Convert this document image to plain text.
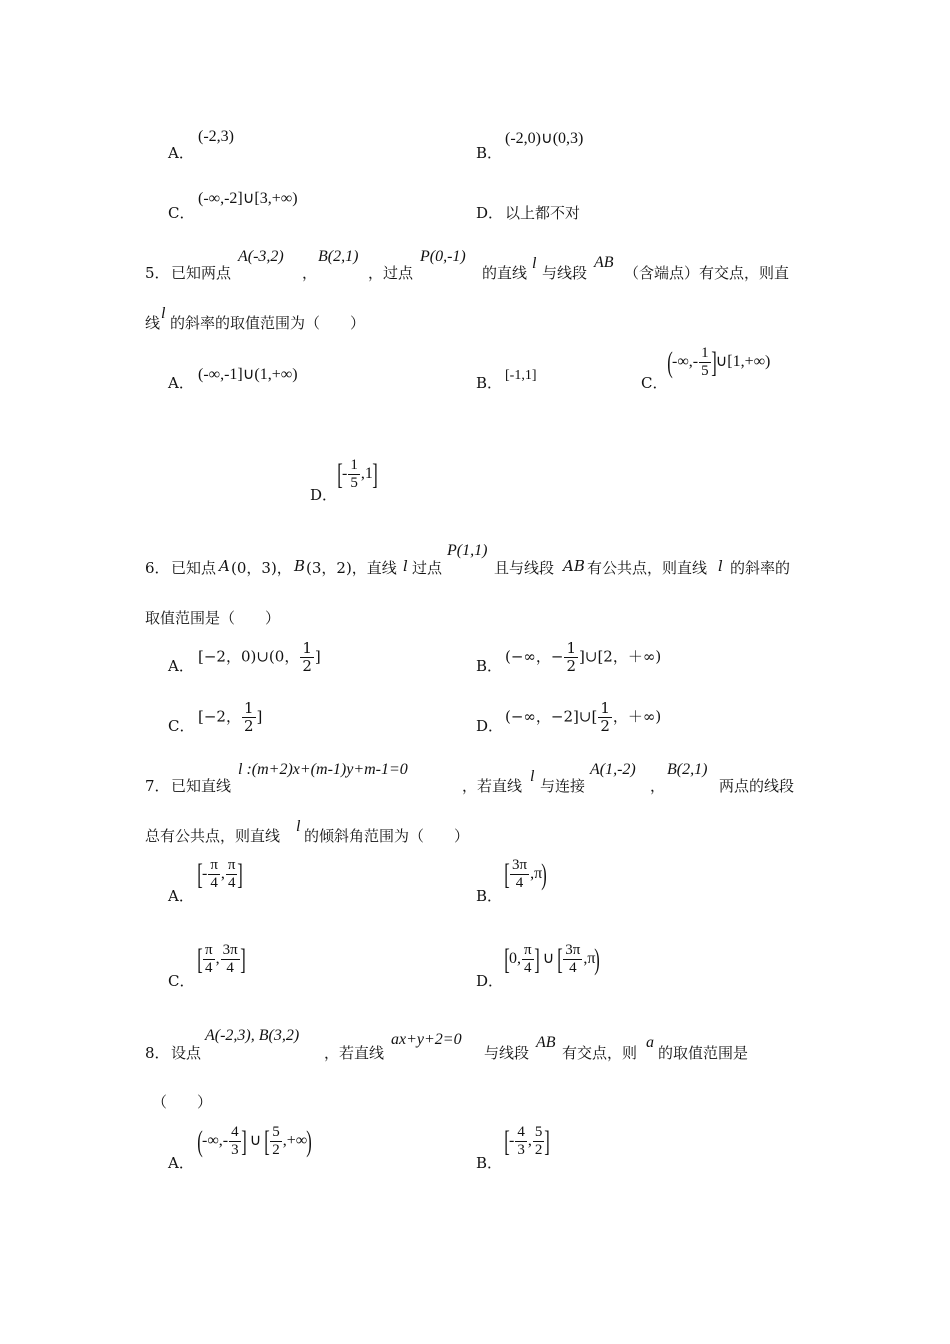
A．
(-2,3)
B．
(-2,0)∪(0,3)
C．
(-∞,-2]∪[3,+∞)
D． 以上都不对
5． 已知两点
A(-3,2)
，
B(2,1)
，过点
P(0,-1)
的直线
l
与线段
AB
（含端点）有交点，则直
线
l
的斜率的取值范围为（　　）
A． (-∞,-1]∪(1,+∞)	B． [-1,1]	C．
(-∞,- $\frac{1}{5}$ ]∪[1,+∞)
D．
[- $\frac{1}{5} ,1$]
6． 已知点 A (0，3)， B (3，2)，直线 l 过点
P(1,1)
且与线段 AB 有公共点，则直线 l 的斜率的
取值范围是（　　）
A．
[−2，0)∪(0， $\frac{1}{2}$ ]
B．
(−∞，− $\frac{1}{2}$ ]∪[2，＋∞)
C．
[−2， $\frac{1}{2}$ ]
D．
(−∞，−2]∪[ $\frac{1}{2}$ ，＋∞)
7． 已知直线
l :(m+2)x+(m-1)y+m-1=0
，若直线
l
与连接
A(1,-2)
，
B(2,1)
两点的线段
总有公共点，则直线
l
的倾斜角范围为（　　）
A．
[- $\frac{\pi}{4}$ , $\frac{\pi}{4}$ ]
B．
[ $\frac{3\pi}{4} ,\pi$)
C．
[ $\frac{\pi}{4}$ , $\frac{3\pi}{4}$ ]
D．
[0, $\frac{\pi}{4}$ ] ∪ [ $\frac{3\pi}{4} ,\pi$)
8． 设点
A(-2,3), B(3,2)
，若直线
ax+y+2=0
与线段
AB
有交点，则
a
的取值范围是
（　　）
A．
(-∞,- $\frac{4}{3}$ ] ∪ [ $\frac{5}{2}$ ,+∞)
B．
[- $\frac{4}{3}$ , $\frac{5}{2}$ ]
